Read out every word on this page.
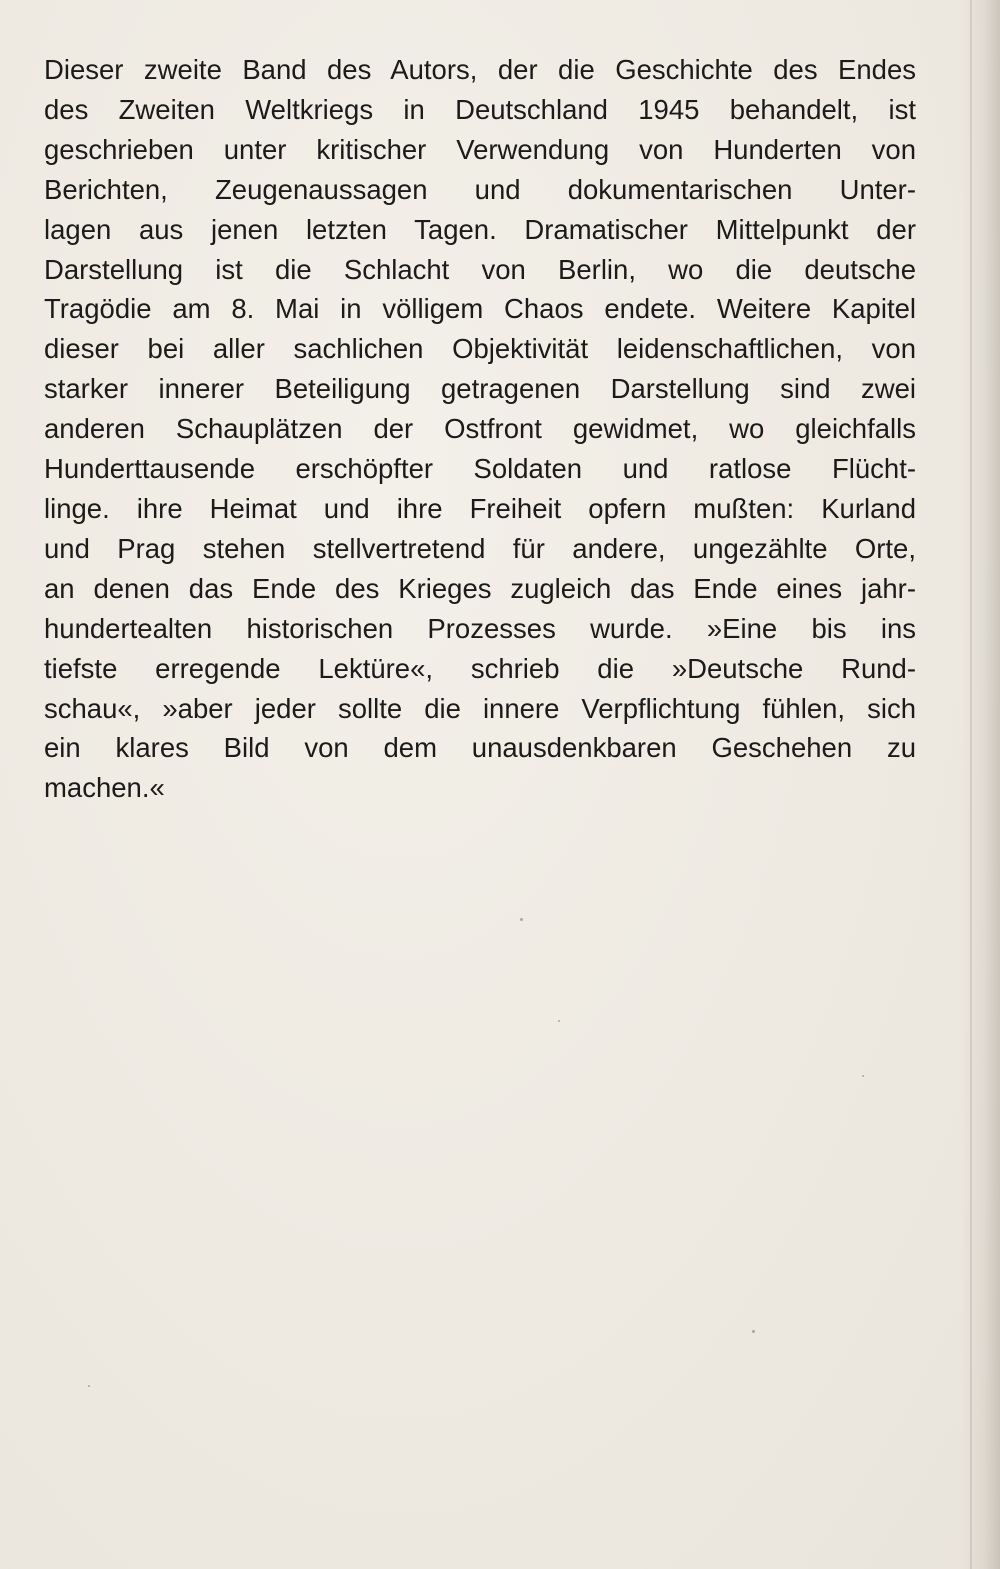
Dieser zweite Band des Autors, der die Geschichte des Endes
des Zweiten Weltkriegs in Deutschland 1945 behandelt, ist
geschrieben unter kritischer Verwendung von Hunderten von
Berichten, Zeugenaussagen und dokumentarischen Unter-
lagen aus jenen letzten Tagen. Dramatischer Mittelpunkt der
Darstellung ist die Schlacht von Berlin, wo die deutsche
Tragödie am 8. Mai in völligem Chaos endete. Weitere Kapitel
dieser bei aller sachlichen Objektivität leidenschaftlichen, von
starker innerer Beteiligung getragenen Darstellung sind zwei
anderen Schauplätzen der Ostfront gewidmet, wo gleichfalls
Hunderttausende erschöpfter Soldaten und ratlose Flücht-
linge. ihre Heimat und ihre Freiheit opfern mußten: Kurland
und Prag stehen stellvertretend für andere, ungezählte Orte,
an denen das Ende des Krieges zugleich das Ende eines jahr-
hundertealten historischen Prozesses wurde. »Eine bis ins
tiefste erregende Lektüre«, schrieb die »Deutsche Rund-
schau«, »aber jeder sollte die innere Verpflichtung fühlen, sich
ein klares Bild von dem unausdenkbaren Geschehen zu
machen.«
